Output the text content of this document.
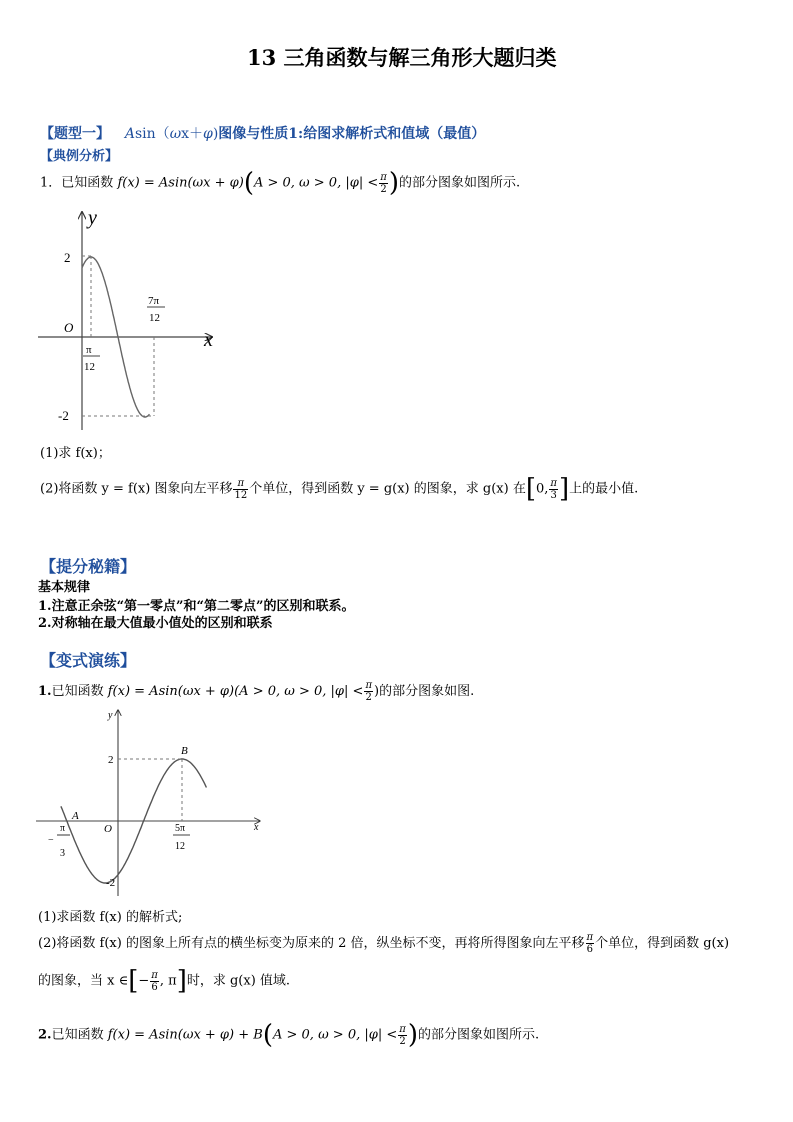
13 三角函数与解三角形大题归类
【题型一】 Asin（ωx＋φ)图像与性质1:给图求解析式和值域（最值）
【典例分析】
1．已知函数 f(x) = Asin(ωx + φ)(A > 0, ω > 0, $|\varphi| < \frac{\pi}{2}$ )的部分图象如图所示.
y
x
O
2
-2
π
12
7π
12
(1)求 f(x)；
(2)将函数 y = f(x) 图象向左平移 $\frac{\pi}{12}$ 个单位，得到函数 y = g(x) 的图象，求 g(x) 在[0, $\frac{\pi}{3}$ ]上的最小值.
【提分秘籍】
基本规律
1.注意正余弦“第一零点”和“第二零点”的区别和联系。
2.对称轴在最大值最小值处的区别和联系
【变式演练】
1.已知函数 f(x) = Asin(ωx + φ)(A > 0, ω > 0, $|\varphi| < \frac{\pi}{2}$ )的部分图象如图.
y
x
O
2
-2
B
A
π
−
3
5π
12
(1)求函数 f(x) 的解析式;
(2)将函数 f(x) 的图象上所有点的横坐标变为原来的 2 倍，纵坐标不变，再将所得图象向左平移 $\frac{\pi}{6}$ 个单位，得到函数 g(x)
的图象，当 x ∈[− $\frac{\pi}{6}$ , π]时，求 g(x) 值域.
2.已知函数 f(x) = Asin(ωx + φ) + B(A > 0, ω > 0, $|\varphi| < \frac{\pi}{2}$ )的部分图象如图所示.
